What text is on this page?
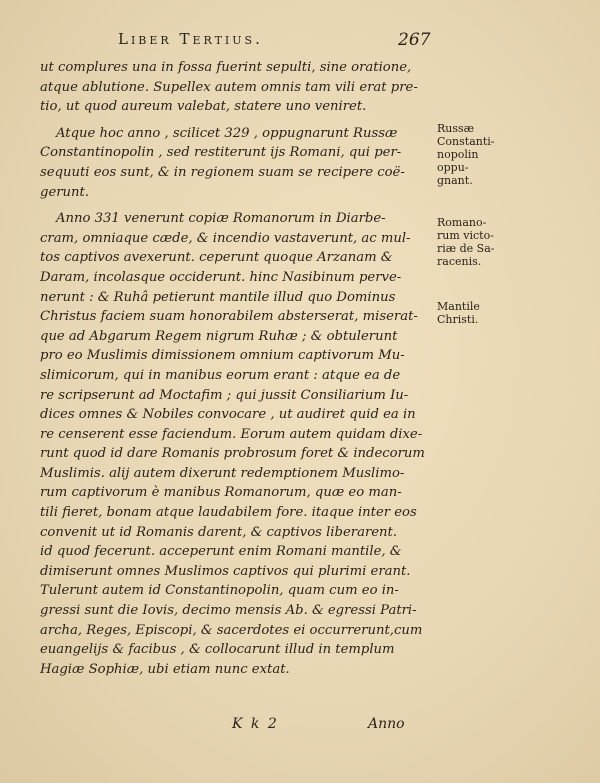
Liber Tertius.	267
ut complures una in fossa fuerint sepulti, sine oratione,
atque ablutione. Supellex autem omnis tam vili erat pre-
tio, ut quod aureum valebat, statere uno veniret.
Atque hoc anno , scilicet 329 , oppugnarunt Russæ
Constantinopolin , sed restiterunt ijs Romani, qui per-
sequuti eos sunt, & in regionem suam se recipere coë-
gerunt.
Anno 331 venerunt copiæ Romanorum in Diarbe-
cram, omniaque cæde, & incendio vastaverunt, ac mul-
tos captivos avexerunt. ceperunt quoque Arzanam &
Daram, incolasque occiderunt. hinc Nasibinum perve-
nerunt : & Ruhâ petierunt mantile illud quo Dominus
Christus faciem suam honorabilem absterserat, miserat-
que ad Abgarum Regem nigrum Ruhæ ; & obtulerunt
pro eo Muslimis dimissionem omnium captivorum Mu-
slimicorum, qui in manibus eorum erant : atque ea de
re scripserunt ad Moctafim ; qui jussit Consiliarium Iu-
dices omnes & Nobiles convocare , ut audiret quid ea in
re censerent esse faciendum. Eorum autem quidam dixe-
runt quod id dare Romanis probrosum foret & indecorum
Muslimis. alij autem dixerunt redemptionem Muslimo-
rum captivorum è manibus Romanorum, quæ eo man-
tili fieret, bonam atque laudabilem fore. itaque inter eos
convenit ut id Romanis darent, & captivos liberarent.
id quod fecerunt. acceperunt enim Romani mantile, &
dimiserunt omnes Muslimos captivos qui plurimi erant.
Tulerunt autem id Constantinopolin, quam cum eo in-
gressi sunt die Iovis, decimo mensis Ab. & egressi Patri-
archa, Reges, Episcopi, & sacerdotes ei occurrerunt,cum
euangelijs & facibus , & collocarunt illud in templum
Hagiæ Sophiæ, ubi etiam nunc extat.
Russæ
Constanti-
nopolin
oppu-
gnant.
Romano-
rum victo-
riæ de Sa-
racenis.
Mantile
Christi.
K k 2	Anno
